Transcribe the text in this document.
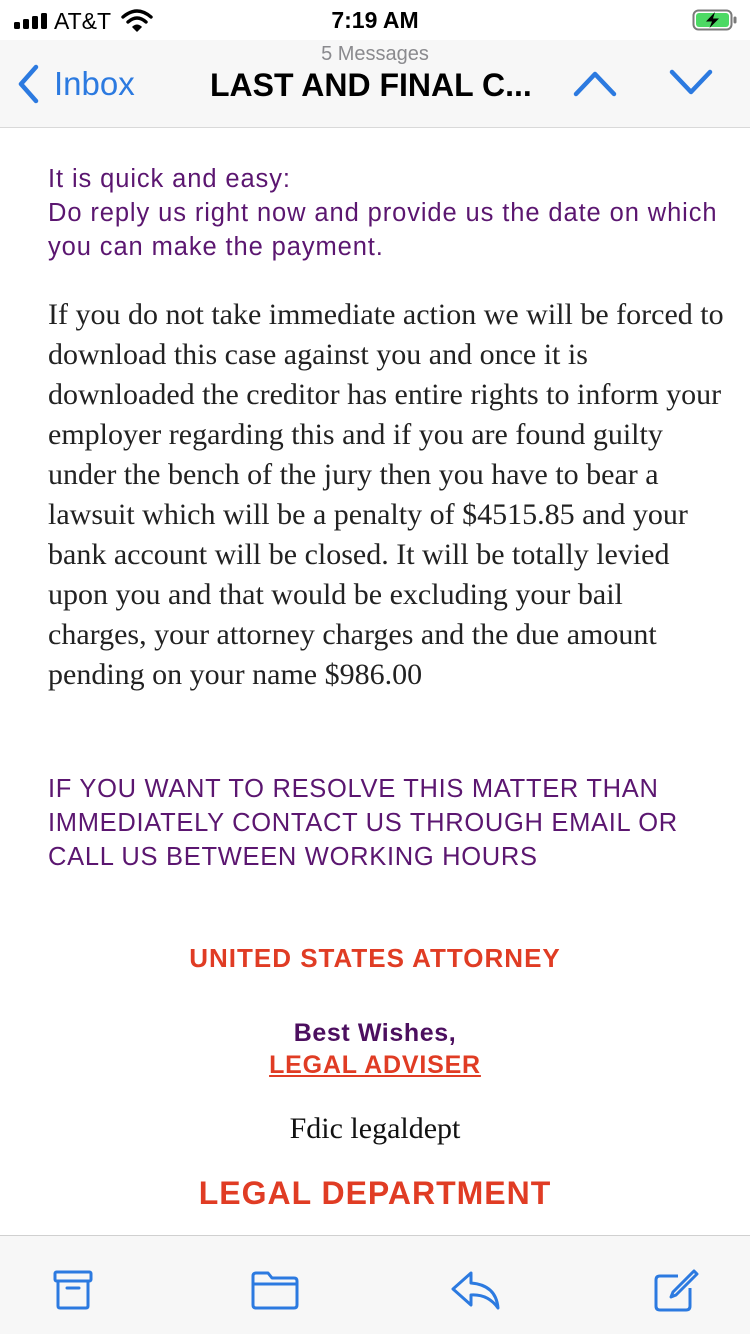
AT&T	7:19 AM
5 Messages
Inbox LAST AND FINAL C...
It is quick and easy:
Do reply us right now and provide us the date on which you can make the payment.
If you do not take immediate action we will be forced to download this case against you and once it is downloaded the creditor has entire rights to inform your employer regarding this and if you are found guilty under the bench of the jury then you have to bear a lawsuit which will be a penalty of $4515.85 and your bank account will be closed. It will be totally levied upon you and that would be excluding your bail charges, your attorney charges and the due amount pending on your name $986.00
IF YOU WANT TO RESOLVE THIS MATTER THAN IMMEDIATELY CONTACT US THROUGH EMAIL OR CALL US BETWEEN WORKING HOURS
UNITED STATES ATTORNEY
Best Wishes,
LEGAL ADVISER
Fdic legaldept
LEGAL DEPARTMENT
